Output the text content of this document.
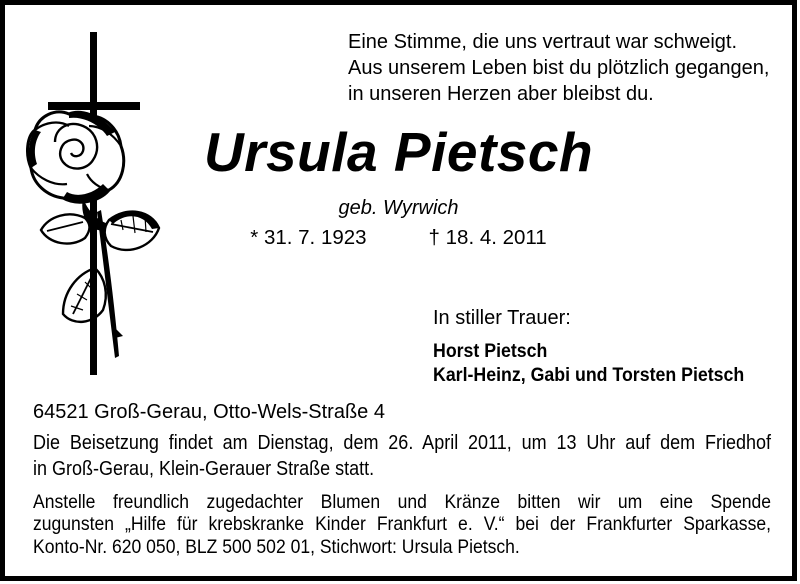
Eine Stimme, die uns vertraut war schweigt.
Aus unserem Leben bist du plötzlich gegangen,
in unseren Herzen aber bleibst du.
Ursula Pietsch
geb. Wyrwich
* 31. 7. 1923	† 18. 4. 2011
In stiller Trauer:
Horst Pietsch
Karl-Heinz, Gabi und Torsten Pietsch
64521 Groß-Gerau, Otto-Wels-Straße 4
Die Beisetzung findet am Dienstag, dem 26. April 2011, um 13 Uhr auf dem Friedhof
in Groß-Gerau, Klein-Gerauer Straße statt.
Anstelle freundlich zugedachter Blumen und Kränze bitten wir um eine Spende
zugunsten „Hilfe für krebskranke Kinder Frankfurt e. V.“ bei der Frankfurter Sparkasse,
Konto-Nr. 620 050, BLZ 500 502 01, Stichwort: Ursula Pietsch.
